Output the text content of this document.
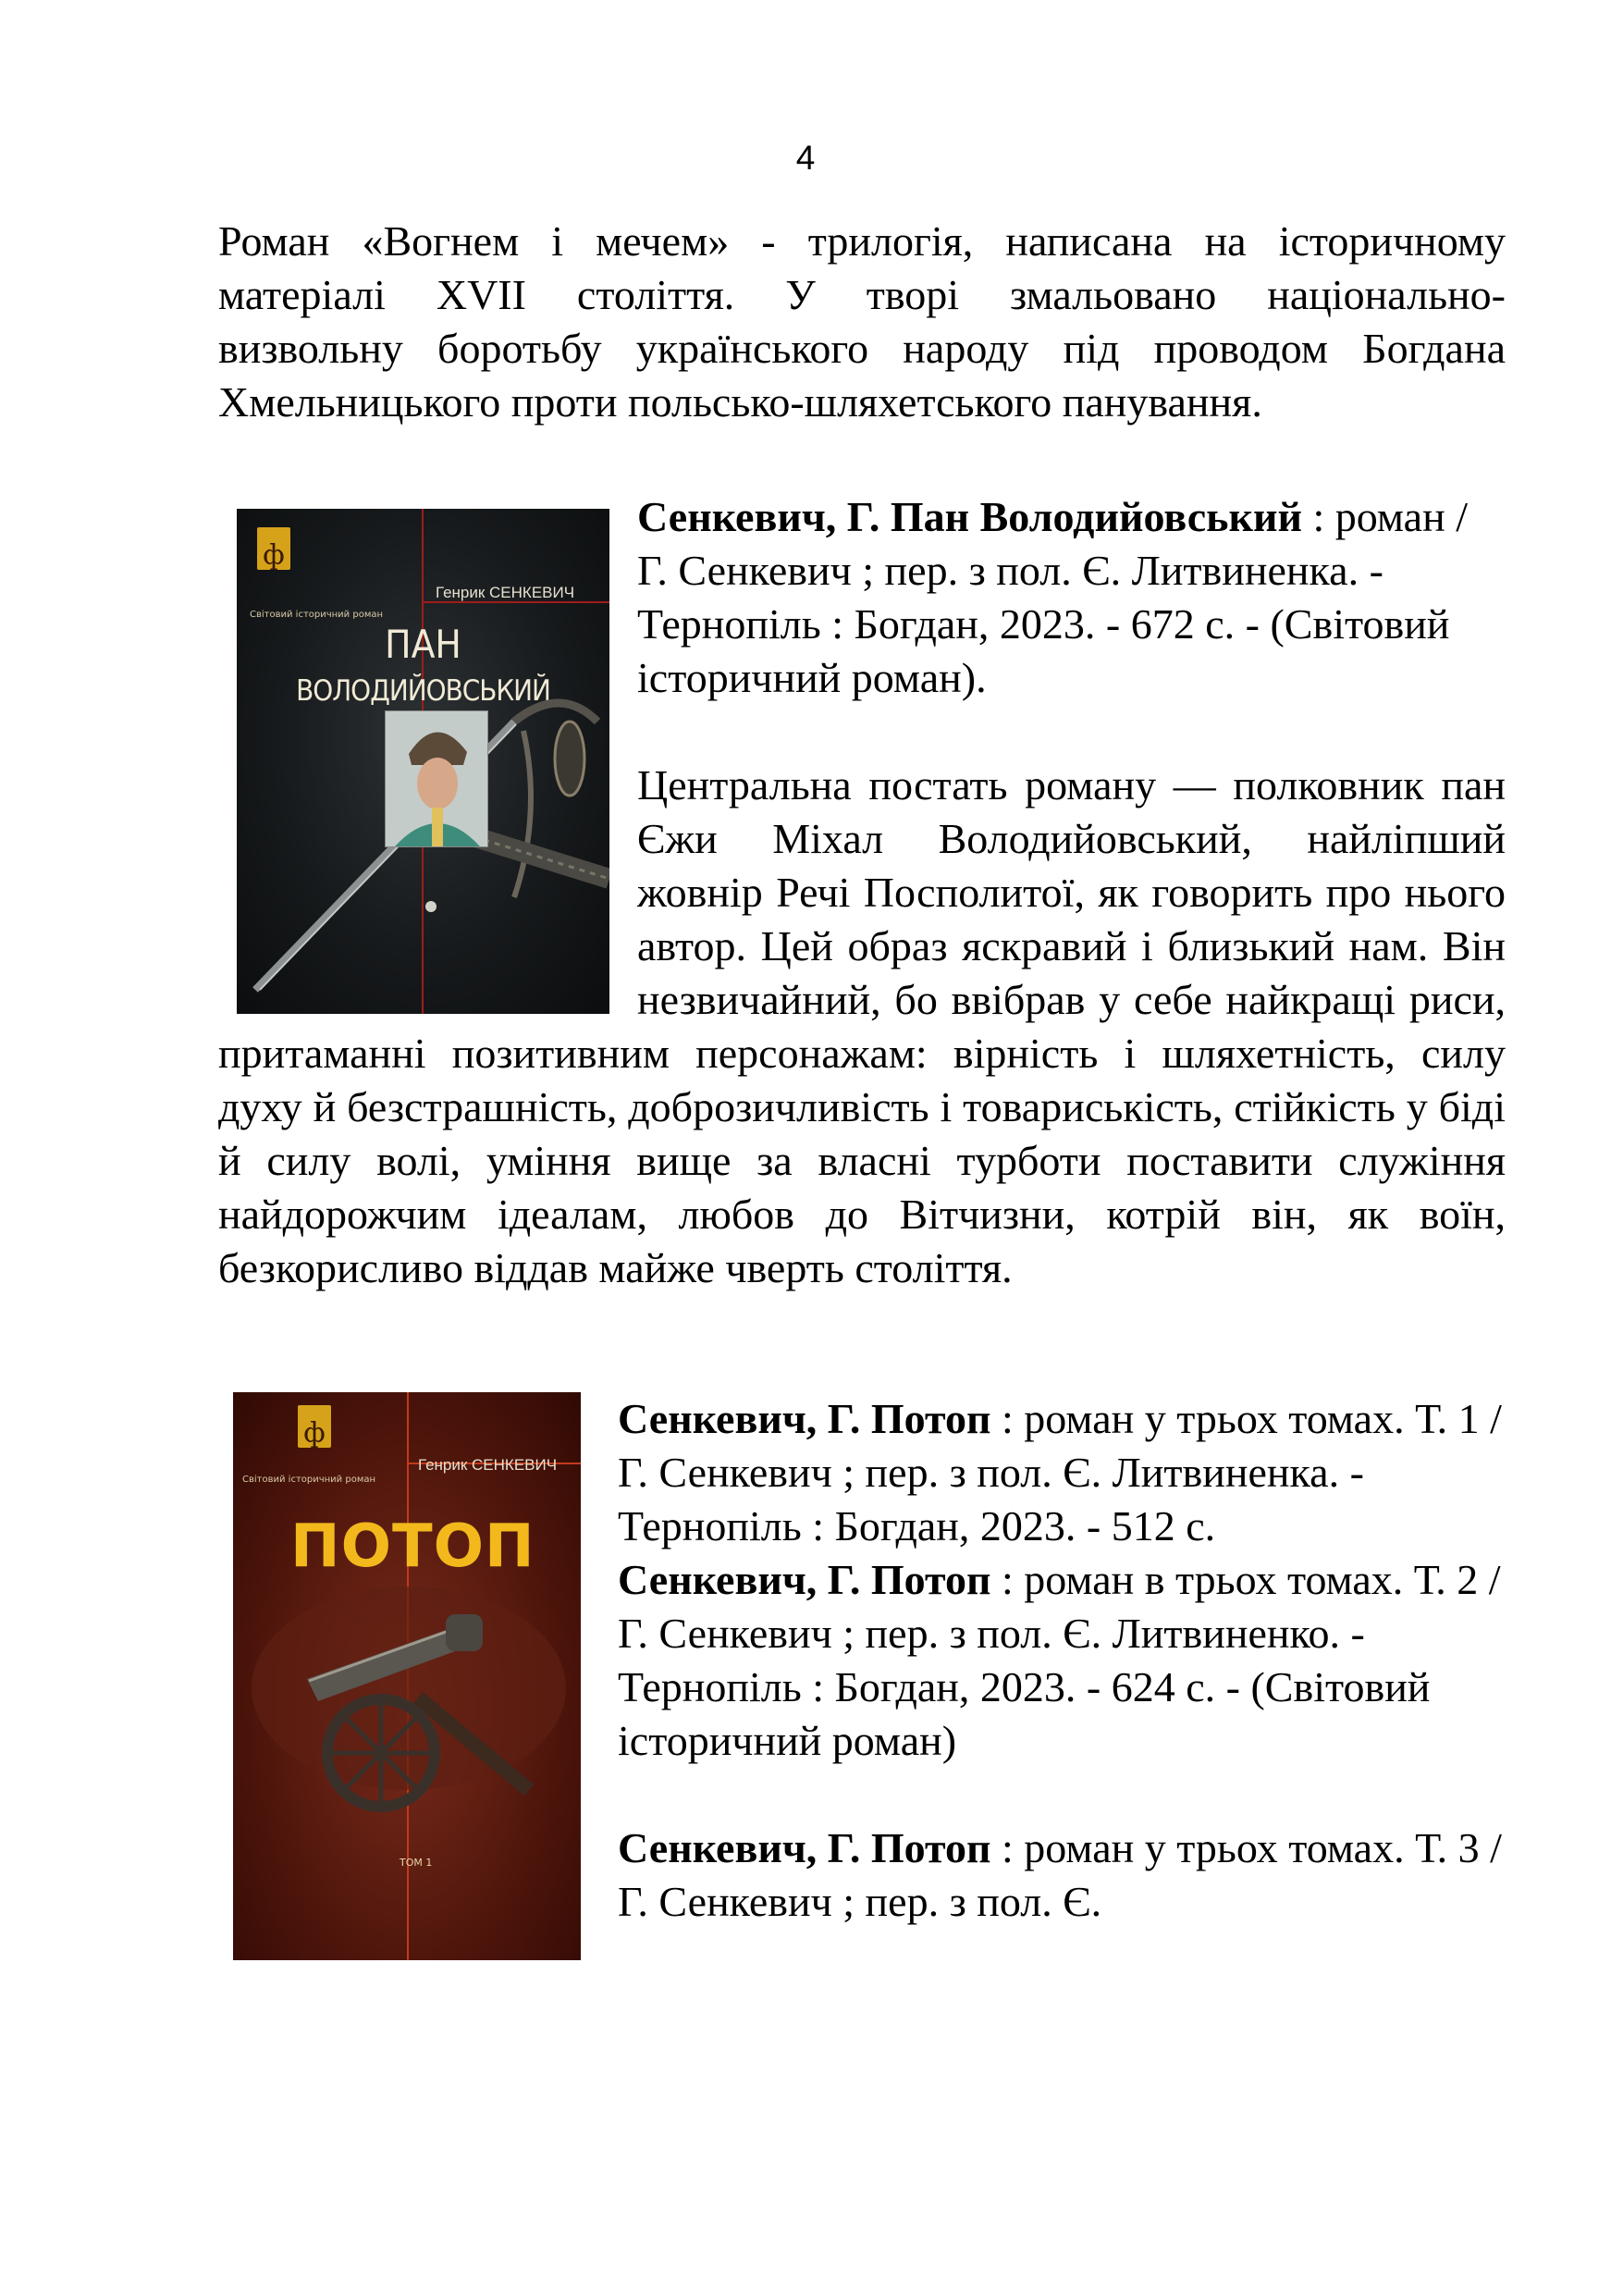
4
Роман «Вогнем і мечем» - трилогія, написана на історичному
матеріалі XVII століття. У творі змальовано національно-
визвольну боротьбу українського народу під проводом Богдана
Хмельницького проти польсько-шляхетського панування.
ф
Світовий історичний роман
Генрик СЕНКЕВИЧ
ПАН
ВОЛОДИЙОВСЬКИЙ

Сенкевич, Г. Пан Володийовський : роман / Г. Сенкевич ; пер. з пол. Є. Литвиненка. - Тернопіль : Богдан, 2023. - 672 с. - (Світовий історичний роман).

Центральна постать роману — полковник пан Єжи Міхал Володийовський, найліпший жовнір Речі Посполитої, як говорить про нього автор. Цей образ яскравий і близький нам. Він незвичайний, бо ввібрав у себе найкращі риси, притаманні позитивним персонажам: вірність і шляхетність, силу духу й безстрашність, доброзичливість і товариськість, стійкість у біді й силу волі, уміння вище за власні турботи поставити служіння найдорожчим ідеалам, любов до Вітчизни, котрій він, як воїн, безкорисливо віддав майже чверть століття.

ф
Світовий історичний роман
Генрик СЕНКЕВИЧ
ПОТОП
ТОМ 1

Сенкевич, Г. Потоп : роман у трьох томах. Т. 1 / Г. Сенкевич ; пер. з пол. Є. Литвиненка. - Тернопіль : Богдан, 2023. - 512 с.

Сенкевич, Г. Потоп : роман в трьох томах. Т. 2 / Г. Сенкевич ; пер. з пол. Є. Литвиненко. - Тернопіль : Богдан, 2023. - 624 с. - (Світовий історичний роман)

Сенкевич, Г. Потоп : роман у трьох томах. Т. 3 / Г. Сенкевич ; пер. з пол. Є.
